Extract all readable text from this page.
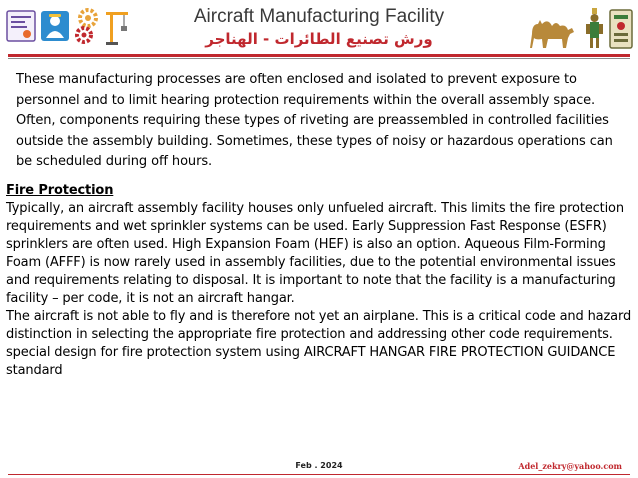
Aircraft Manufacturing Facility
ورش تصنيع الطائرات - الهناجر
These manufacturing processes are often enclosed and isolated to prevent exposure to personnel and to limit hearing protection requirements within the overall assembly space. Often, components requiring these types of riveting are preassembled in controlled facilities outside the assembly building. Sometimes, these types of noisy or hazardous operations can be scheduled during off hours.
Fire Protection

Typically, an aircraft assembly facility houses only unfueled aircraft. This limits the fire protection requirements and wet sprinkler systems can be used. Early Suppression Fast Response (ESFR) sprinklers are often used. High Expansion Foam (HEF) is also an option. Aqueous Film-Forming Foam (AFFF) is now rarely used in assembly facilities, due to the potential environmental issues and requirements relating to disposal. It is important to note that the facility is a manufacturing facility – per code, it is not an aircraft hangar.

The aircraft is not able to fly and is therefore not yet an airplane. This is a critical code and hazard distinction in selecting the appropriate fire protection and addressing other code requirements.

special design for fire protection system using AIRCRAFT HANGAR FIRE PROTECTION GUIDANCE standard

Feb . 2024	Adel_zekry@yahoo.com
